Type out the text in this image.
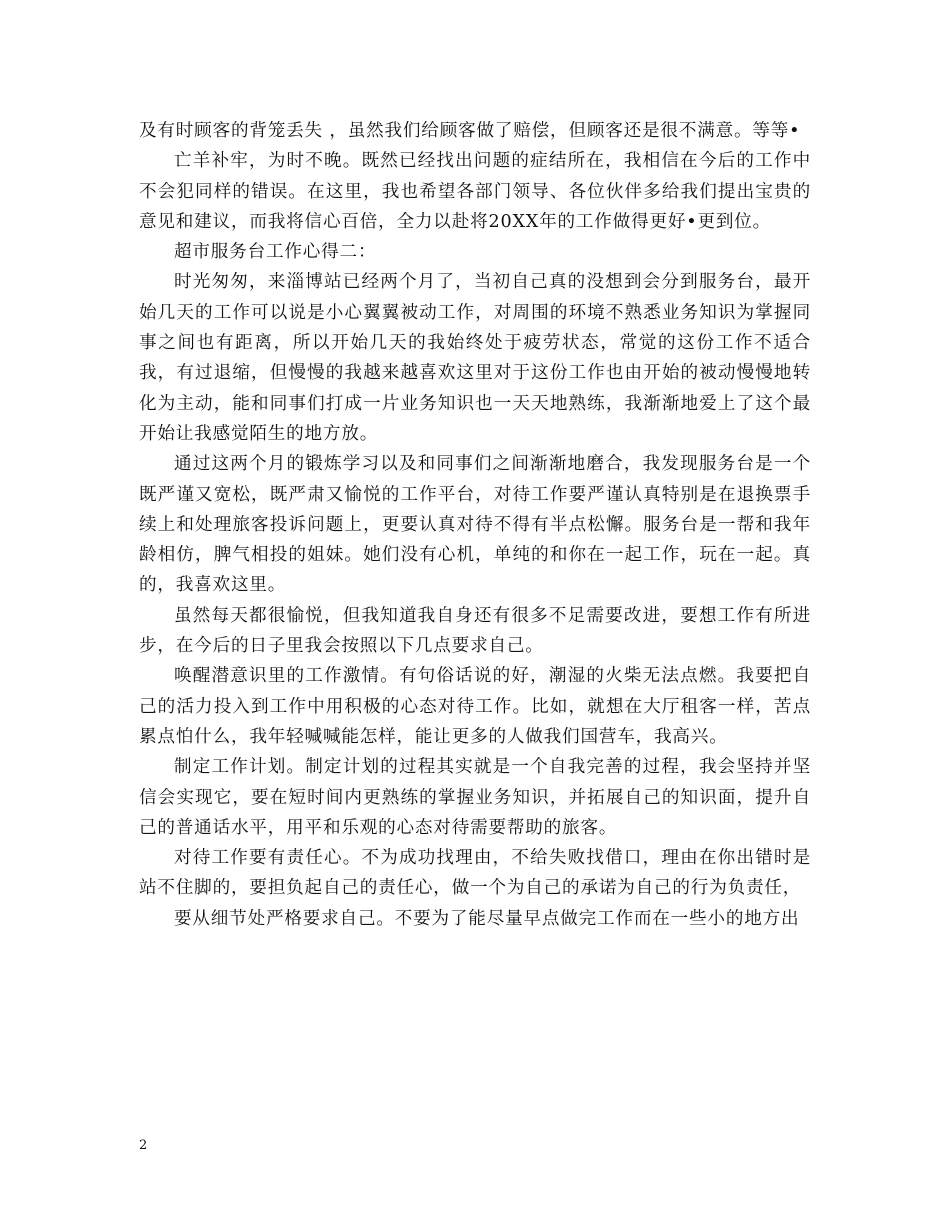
及有时顾客的背笼丢失 ，虽然我们给顾客做了赔偿，但顾客还是很不满意。等等•

亡羊补牢，为时不晚。既然已经找出问题的症结所在，我相信在今后的工作中不会犯同样的错误。在这里，我也希望各部门领导、各位伙伴多给我们提出宝贵的意见和建议，而我将信心百倍，全力以赴将20XX年的工作做得更好•更到位。

超市服务台工作心得二：

时光匆匆，来淄博站已经两个月了，当初自己真的没想到会分到服务台，最开始几天的工作可以说是小心翼翼被动工作，对周围的环境不熟悉业务知识为掌握同事之间也有距离，所以开始几天的我始终处于疲劳状态，常觉的这份工作不适合我，有过退缩，但慢慢的我越来越喜欢这里对于这份工作也由开始的被动慢慢地转化为主动，能和同事们打成一片业务知识也一天天地熟练，我渐渐地爱上了这个最开始让我感觉陌生的地方放。

通过这两个月的锻炼学习以及和同事们之间渐渐地磨合，我发现服务台是一个既严谨又宽松，既严肃又愉悦的工作平台，对待工作要严谨认真特别是在退换票手续上和处理旅客投诉问题上，更要认真对待不得有半点松懈。服务台是一帮和我年龄相仿，脾气相投的姐妹。她们没有心机，单纯的和你在一起工作，玩在一起。真的，我喜欢这里。

虽然每天都很愉悦，但我知道我自身还有很多不足需要改进，要想工作有所进步，在今后的日子里我会按照以下几点要求自己。

唤醒潜意识里的工作激情。有句俗话说的好，潮湿的火柴无法点燃。我要把自己的活力投入到工作中用积极的心态对待工作。比如，就想在大厅租客一样，苦点累点怕什么，我年轻喊喊能怎样，能让更多的人做我们国营车，我高兴。

制定工作计划。制定计划的过程其实就是一个自我完善的过程，我会坚持并坚信会实现它，要在短时间内更熟练的掌握业务知识，并拓展自己的知识面，提升自己的普通话水平，用平和乐观的心态对待需要帮助的旅客。

对待工作要有责任心。不为成功找理由，不给失败找借口，理由在你出错时是站不住脚的，要担负起自己的责任心，做一个为自己的承诺为自己的行为负责任，

要从细节处严格要求自己。不要为了能尽量早点做完工作而在一些小的地方出

2
